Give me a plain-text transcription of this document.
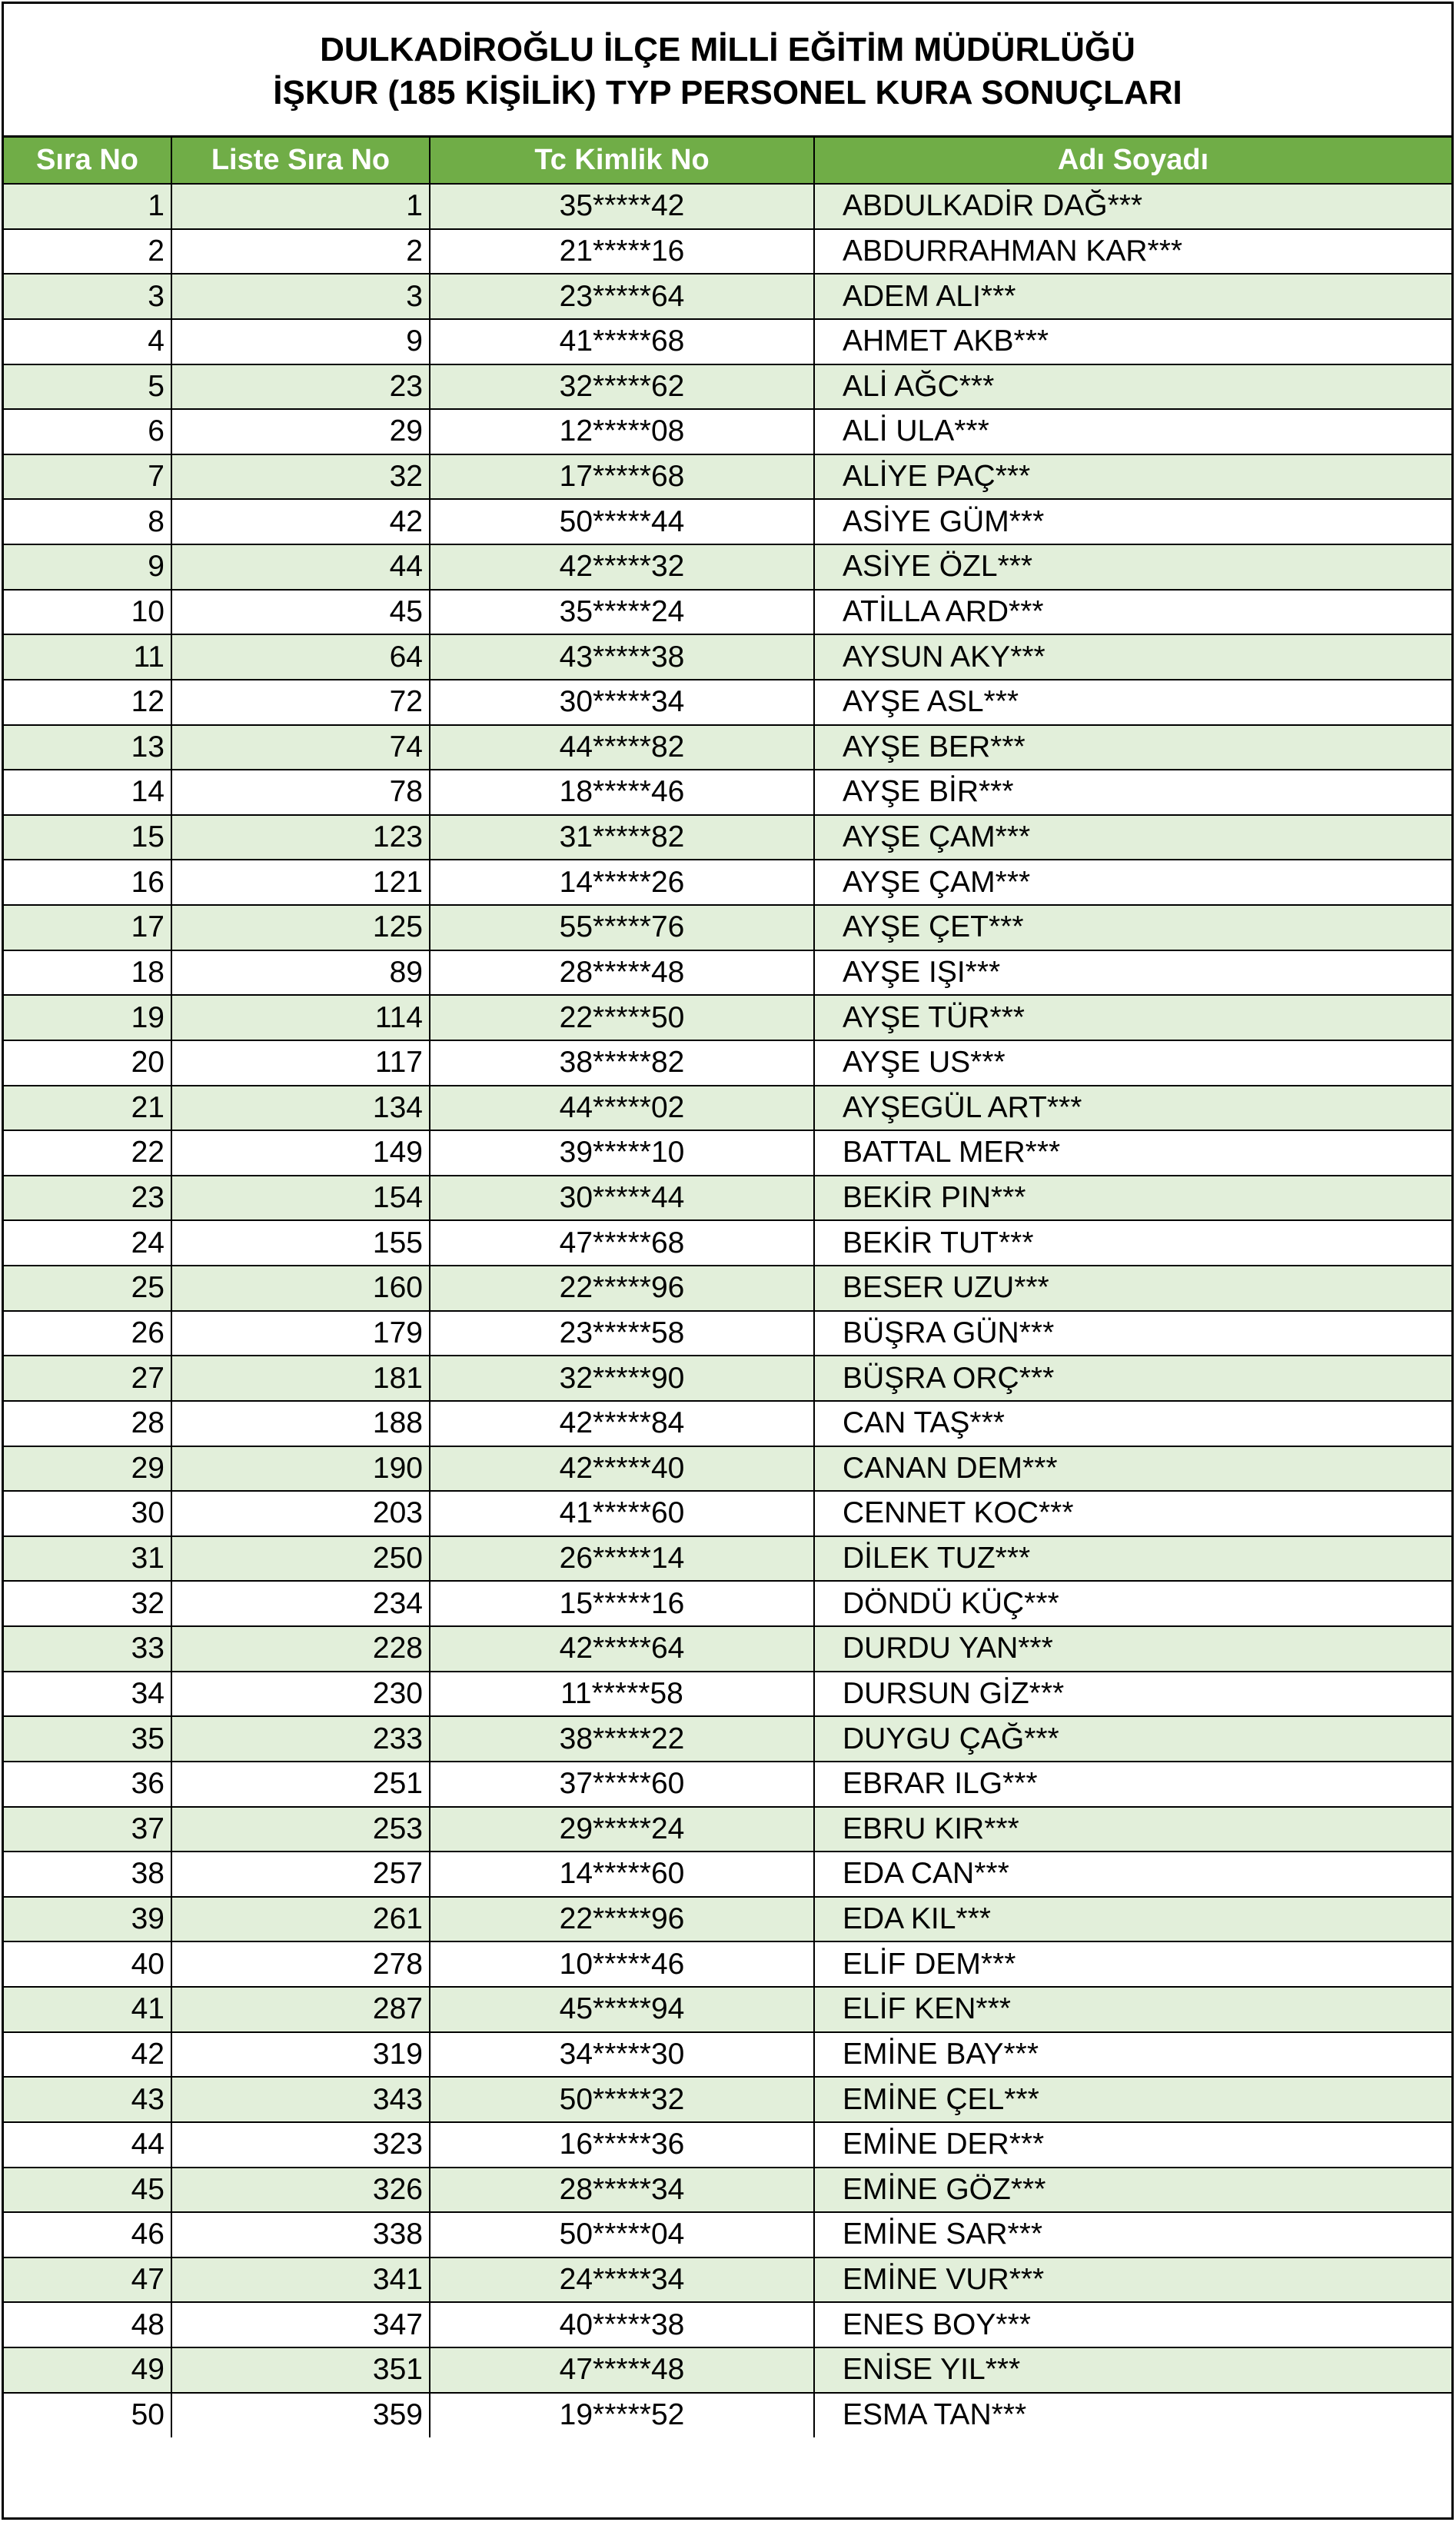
DULKADİROĞLU İLÇE MİLLİ EĞİTİM MÜDÜRLÜĞÜ
İŞKUR (185 KİŞİLİK) TYP PERSONEL KURA SONUÇLARI
Sıra No	Liste Sıra No	Tc Kimlik No	Adı Soyadı
1	1	35*****42	ABDULKADİR DAĞ***
2	2	21*****16	ABDURRAHMAN KAR***
3	3	23*****64	ADEM ALI***
4	9	41*****68	AHMET AKB***
5	23	32*****62	ALİ AĞC***
6	29	12*****08	ALİ ULA***
7	32	17*****68	ALİYE PAÇ***
8	42	50*****44	ASİYE GÜM***
9	44	42*****32	ASİYE ÖZL***
10	45	35*****24	ATİLLA ARD***
11	64	43*****38	AYSUN AKY***
12	72	30*****34	AYŞE ASL***
13	74	44*****82	AYŞE BER***
14	78	18*****46	AYŞE BİR***
15	123	31*****82	AYŞE ÇAM***
16	121	14*****26	AYŞE ÇAM***
17	125	55*****76	AYŞE ÇET***
18	89	28*****48	AYŞE IŞI***
19	114	22*****50	AYŞE TÜR***
20	117	38*****82	AYŞE US***
21	134	44*****02	AYŞEGÜL ART***
22	149	39*****10	BATTAL MER***
23	154	30*****44	BEKİR PIN***
24	155	47*****68	BEKİR TUT***
25	160	22*****96	BESER UZU***
26	179	23*****58	BÜŞRA GÜN***
27	181	32*****90	BÜŞRA ORÇ***
28	188	42*****84	CAN TAŞ***
29	190	42*****40	CANAN DEM***
30	203	41*****60	CENNET KOC***
31	250	26*****14	DİLEK TUZ***
32	234	15*****16	DÖNDÜ KÜÇ***
33	228	42*****64	DURDU YAN***
34	230	11*****58	DURSUN GİZ***
35	233	38*****22	DUYGU ÇAĞ***
36	251	37*****60	EBRAR ILG***
37	253	29*****24	EBRU KIR***
38	257	14*****60	EDA CAN***
39	261	22*****96	EDA KIL***
40	278	10*****46	ELİF DEM***
41	287	45*****94	ELİF KEN***
42	319	34*****30	EMİNE BAY***
43	343	50*****32	EMİNE ÇEL***
44	323	16*****36	EMİNE DER***
45	326	28*****34	EMİNE GÖZ***
46	338	50*****04	EMİNE SAR***
47	341	24*****34	EMİNE VUR***
48	347	40*****38	ENES BOY***
49	351	47*****48	ENİSE YIL***
50	359	19*****52	ESMA TAN***
